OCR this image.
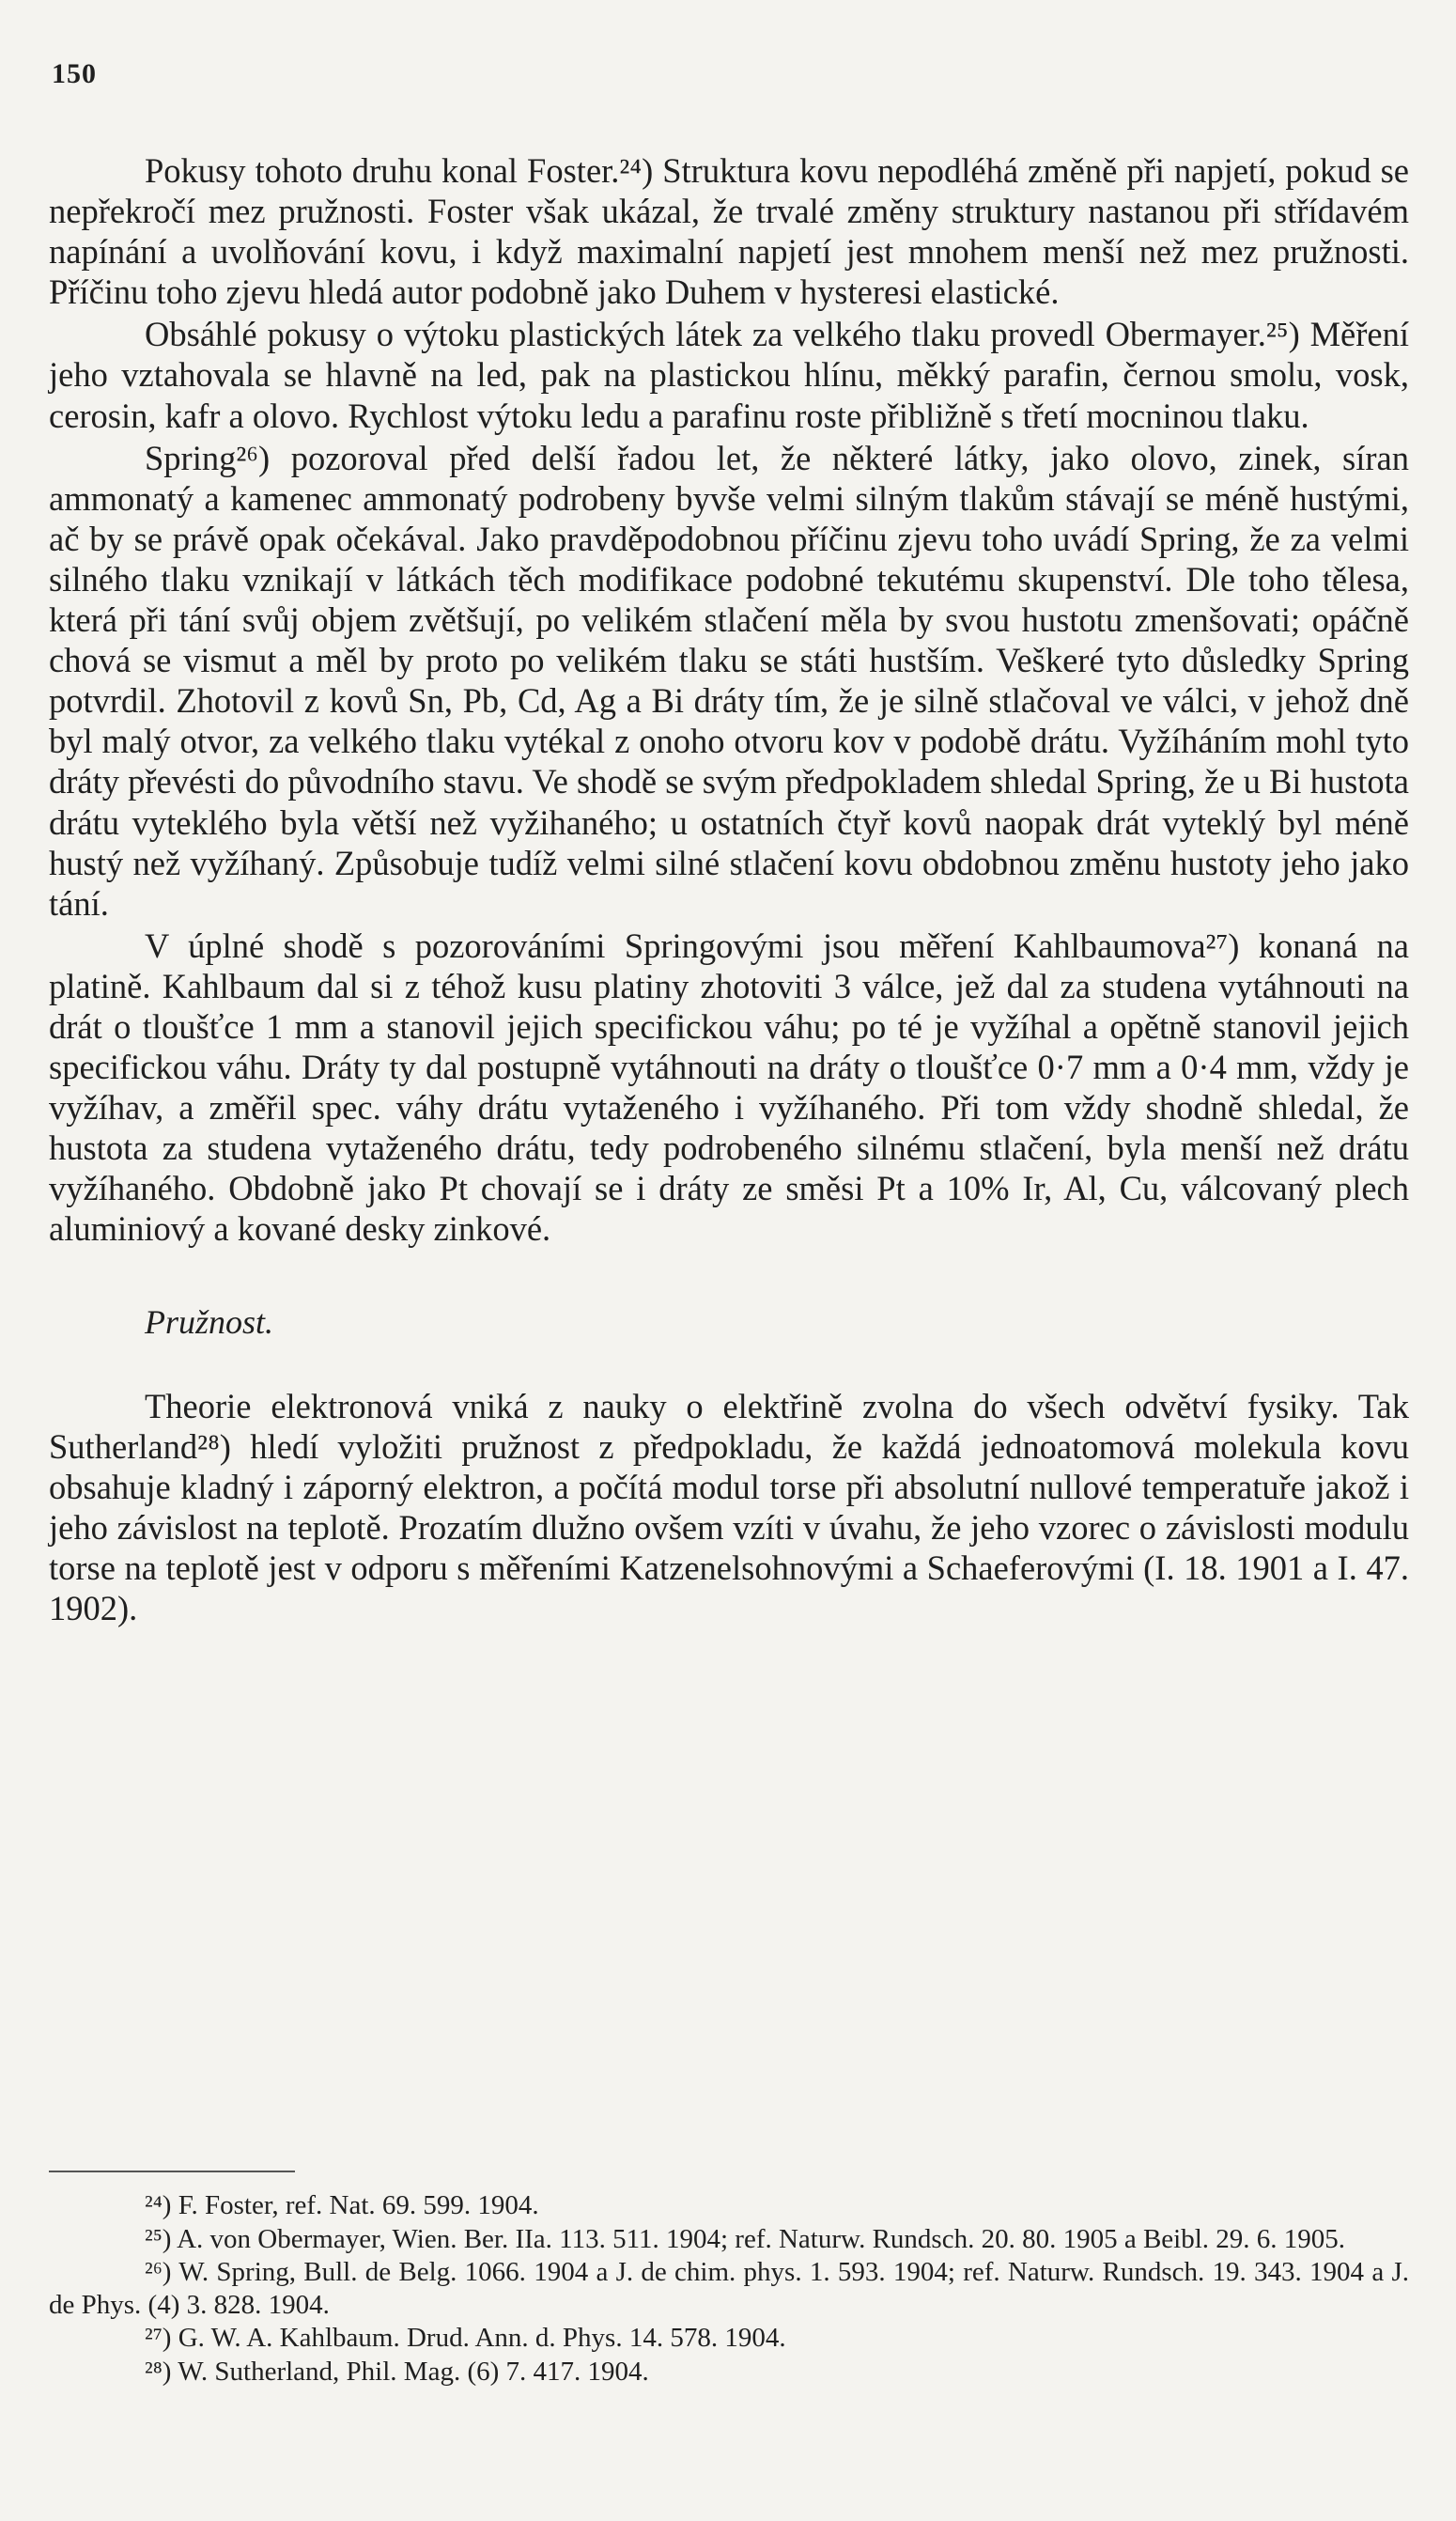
150

Pokusy tohoto druhu konal Foster.²⁴) Struktura kovu nepodléhá změně při napjetí, pokud se nepřekročí mez pružnosti. Foster však ukázal, že trvalé změny struktury nastanou při střídavém napínání a uvolňování kovu, i když maximalní napjetí jest mnohem menší než mez pružnosti. Příčinu toho zjevu hledá autor podobně jako Duhem v hysteresi elastické.

Obsáhlé pokusy o výtoku plastických látek za velkého tlaku provedl Obermayer.²⁵) Měření jeho vztahovala se hlavně na led, pak na plastickou hlínu, měkký parafin, černou smolu, vosk, cerosin, kafr a olovo. Rychlost výtoku ledu a parafinu roste přibližně s třetí mocninou tlaku.

Spring²⁶) pozoroval před delší řadou let, že některé látky, jako olovo, zinek, síran ammonatý a kamenec ammonatý podrobeny byvše velmi silným tlakům stávají se méně hustými, ač by se právě opak očekával. Jako pravděpodobnou příčinu zjevu toho uvádí Spring, že za velmi silného tlaku vznikají v látkách těch modifikace podobné tekutému skupenství. Dle toho tělesa, která při tání svůj objem zvětšují, po velikém stlačení měla by svou hustotu zmenšovati; opáčně chová se vismut a měl by proto po velikém tlaku se státi hustším. Veškeré tyto důsledky Spring potvrdil. Zhotovil z kovů Sn, Pb, Cd, Ag a Bi dráty tím, že je silně stlačoval ve válci, v jehož dně byl malý otvor, za velkého tlaku vytékal z onoho otvoru kov v podobě drátu. Vyžíháním mohl tyto dráty převésti do původního stavu. Ve shodě se svým předpokladem shledal Spring, že u Bi hustota drátu vyteklého byla větší než vyžihaného; u ostatních čtyř kovů naopak drát vyteklý byl méně hustý než vyžíhaný. Způsobuje tudíž velmi silné stlačení kovu obdobnou změnu hustoty jeho jako tání.

V úplné shodě s pozorováními Springovými jsou měření Kahlbaumova²⁷) konaná na platině. Kahlbaum dal si z téhož kusu platiny zhotoviti 3 válce, jež dal za studena vytáhnouti na drát o tloušťce 1 mm a stanovil jejich specifickou váhu; po té je vyžíhal a opětně stanovil jejich specifickou váhu. Dráty ty dal postupně vytáhnouti na dráty o tloušťce 0·7 mm a 0·4 mm, vždy je vyžíhav, a změřil spec. váhy drátu vytaženého i vyžíhaného. Při tom vždy shodně shledal, že hustota za studena vytaženého drátu, tedy podrobeného silnému stlačení, byla menší než drátu vyžíhaného. Obdobně jako Pt chovají se i dráty ze směsi Pt a 10% Ir, Al, Cu, válcovaný plech aluminiový a kované desky zinkové.

Pružnost.

Theorie elektronová vniká z nauky o elektřině zvolna do všech odvětví fysiky. Tak Sutherland²⁸) hledí vyložiti pružnost z předpokladu, že každá jednoatomová molekula kovu obsahuje kladný i záporný elektron, a počítá modul torse při absolutní nullové temperatuře jakož i jeho závislost na teplotě. Prozatím dlužno ovšem vzíti v úvahu, že jeho vzorec o závislosti modulu torse na teplotě jest v odporu s měřeními Katzenelsohnovými a Schaeferovými (I. 18. 1901 a I. 47. 1902).

²⁴) F. Foster, ref. Nat. 69. 599. 1904.

²⁵) A. von Obermayer, Wien. Ber. IIa. 113. 511. 1904; ref. Naturw. Rundsch. 20. 80. 1905 a Beibl. 29. 6. 1905.

²⁶) W. Spring, Bull. de Belg. 1066. 1904 a J. de chim. phys. 1. 593. 1904; ref. Naturw. Rundsch. 19. 343. 1904 a J. de Phys. (4) 3. 828. 1904.

²⁷) G. W. A. Kahlbaum. Drud. Ann. d. Phys. 14. 578. 1904.

²⁸) W. Sutherland, Phil. Mag. (6) 7. 417. 1904.
